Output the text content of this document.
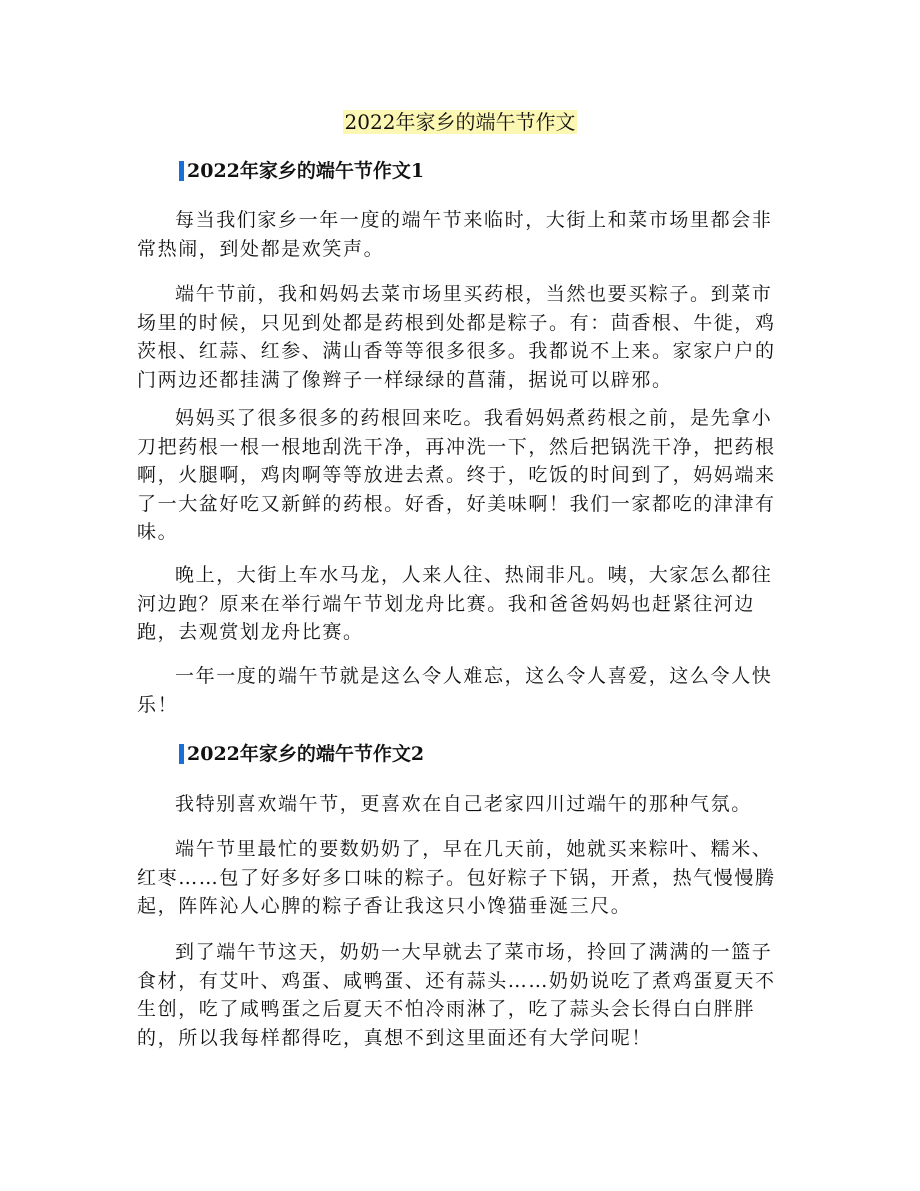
2022年家乡的端午节作文
2022年家乡的端午节作文1

每当我们家乡一年一度的端午节来临时，大街上和菜市场里都会非常热闹，到处都是欢笑声。

端午节前，我和妈妈去菜市场里买药根，当然也要买粽子。到菜市场里的时候，只见到处都是药根到处都是粽子。有：茴香根、牛徙，鸡茨根、红蒜、红参、满山香等等很多很多。我都说不上来。家家户户的门两边还都挂满了像辫子一样绿绿的菖蒲，据说可以辟邪。

妈妈买了很多很多的药根回来吃。我看妈妈煮药根之前，是先拿小刀把药根一根一根地刮洗干净，再冲洗一下，然后把锅洗干净，把药根啊，火腿啊，鸡肉啊等等放进去煮。终于，吃饭的时间到了，妈妈端来了一大盆好吃又新鲜的药根。好香，好美味啊！我们一家都吃的津津有味。

晚上，大街上车水马龙，人来人往、热闹非凡。咦，大家怎么都往河边跑？原来在举行端午节划龙舟比赛。我和爸爸妈妈也赶紧往河边跑，去观赏划龙舟比赛。

一年一度的端午节就是这么令人难忘，这么令人喜爱，这么令人快乐！

2022年家乡的端午节作文2

我特别喜欢端午节，更喜欢在自己老家四川过端午的那种气氛。

端午节里最忙的要数奶奶了，早在几天前，她就买来粽叶、糯米、红枣……包了好多好多口味的粽子。包好粽子下锅，开煮，热气慢慢腾起，阵阵沁人心脾的粽子香让我这只小馋猫垂涎三尺。

到了端午节这天，奶奶一大早就去了菜市场，拎回了满满的一篮子食材，有艾叶、鸡蛋、咸鸭蛋、还有蒜头……奶奶说吃了煮鸡蛋夏天不生创，吃了咸鸭蛋之后夏天不怕冷雨淋了，吃了蒜头会长得白白胖胖的，所以我每样都得吃，真想不到这里面还有大学问呢！
